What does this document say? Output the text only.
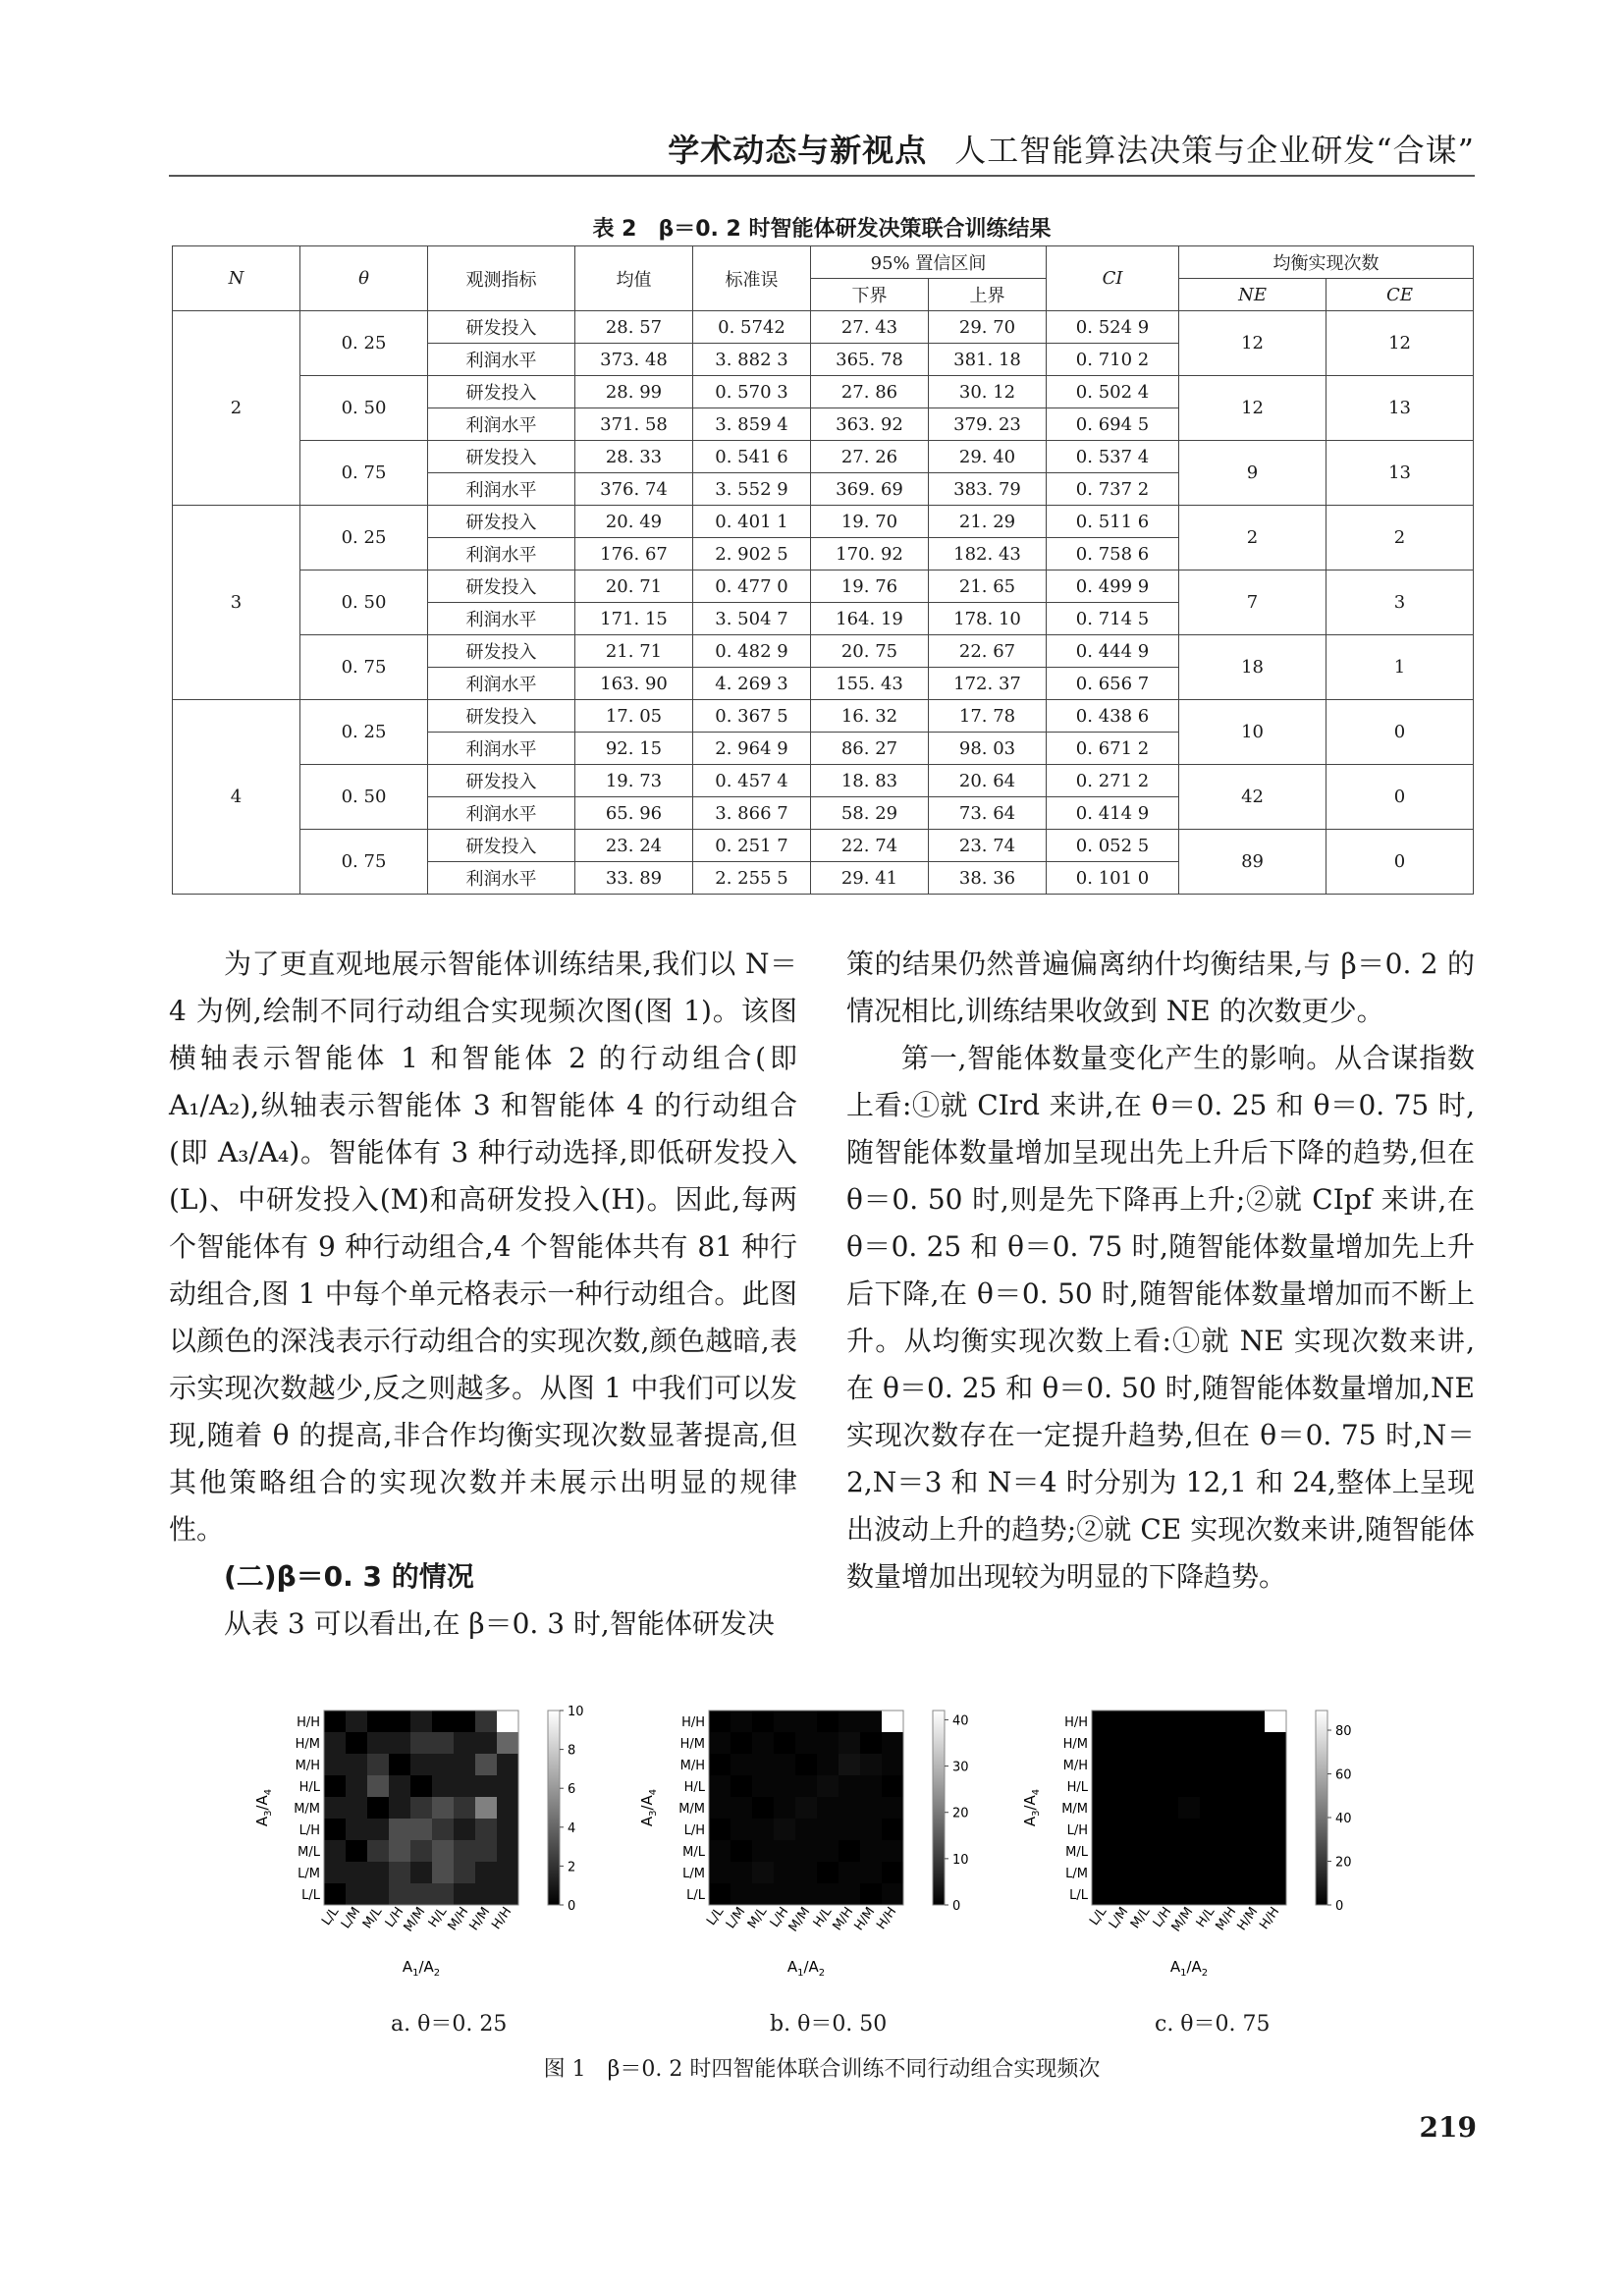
学术动态与新视点 人工智能算法决策与企业研发“合谋”
表 2　β＝0. 2 时智能体研发决策联合训练结果
N	θ	观测指标	均值	标准误	95% 置信区间		CI	均衡实现次数	
					下界	上界		NE	CE
2	0. 25	研发投入	28. 57	0. 5742	27. 43	29. 70	0. 524 9	12	12
		利润水平	373. 48	3. 882 3	365. 78	381. 18	0. 710 2		
	0. 50	研发投入	28. 99	0. 570 3	27. 86	30. 12	0. 502 4	12	13
		利润水平	371. 58	3. 859 4	363. 92	379. 23	0. 694 5		
	0. 75	研发投入	28. 33	0. 541 6	27. 26	29. 40	0. 537 4	9	13
		利润水平	376. 74	3. 552 9	369. 69	383. 79	0. 737 2		
3	0. 25	研发投入	20. 49	0. 401 1	19. 70	21. 29	0. 511 6	2	2
		利润水平	176. 67	2. 902 5	170. 92	182. 43	0. 758 6		
	0. 50	研发投入	20. 71	0. 477 0	19. 76	21. 65	0. 499 9	7	3
		利润水平	171. 15	3. 504 7	164. 19	178. 10	0. 714 5		
	0. 75	研发投入	21. 71	0. 482 9	20. 75	22. 67	0. 444 9	18	1
		利润水平	163. 90	4. 269 3	155. 43	172. 37	0. 656 7		
4	0. 25	研发投入	17. 05	0. 367 5	16. 32	17. 78	0. 438 6	10	0
		利润水平	92. 15	2. 964 9	86. 27	98. 03	0. 671 2		
	0. 50	研发投入	19. 73	0. 457 4	18. 83	20. 64	0. 271 2	42	0
		利润水平	65. 96	3. 866 7	58. 29	73. 64	0. 414 9		
	0. 75	研发投入	23. 24	0. 251 7	22. 74	23. 74	0. 052 5	89	0
		利润水平	33. 89	2. 255 5	29. 41	38. 36	0. 101 0		

为了更直观地展示智能体训练结果,我们以 N＝4 为例,绘制不同行动组合实现频次图(图 1)。该图横轴表示智能体 1 和智能体 2 的行动组合(即 A₁/A₂),纵轴表示智能体 3 和智能体 4 的行动组合(即 A₃/A₄)。智能体有 3 种行动选择,即低研发投入(L)、中研发投入(M)和高研发投入(H)。因此,每两个智能体有 9 种行动组合,4 个智能体共有 81 种行动组合,图 1 中每个单元格表示一种行动组合。此图以颜色的深浅表示行动组合的实现次数,颜色越暗,表示实现次数越少,反之则越多。从图 1 中我们可以发现,随着 θ 的提高,非合作均衡实现次数显著提高,但其他策略组合的实现次数并未展示出明显的规律性。

(二)β＝0. 3 的情况

从表 3 可以看出,在 β＝0. 3 时,智能体研发决

策的结果仍然普遍偏离纳什均衡结果,与 β＝0. 2 的情况相比,训练结果收敛到 NE 的次数更少。

第一,智能体数量变化产生的影响。从合谋指数上看:①就 CIrd 来讲,在 θ＝0. 25 和 θ＝0. 75 时,随智能体数量增加呈现出先上升后下降的趋势,但在 θ＝0. 50 时,则是先下降再上升;②就 CIpf 来讲,在 θ＝0. 25 和 θ＝0. 75 时,随智能体数量增加先上升后下降,在 θ＝0. 50 时,随智能体数量增加而不断上升。从均衡实现次数上看:①就 NE 实现次数来讲,在 θ＝0. 25 和 θ＝0. 50 时,随智能体数量增加,NE 实现次数存在一定提升趋势,但在 θ＝0. 75 时,N＝2,N＝3 和 N＝4 时分别为 12,1 和 24,整体上呈现出波动上升的趋势;②就 CE 实现次数来讲,随智能体数量增加出现较为明显的下降趋势。

H/H
H/M
M/H
H/L
M/M
L/H
M/L
L/M
L/L
L/L
L/M
M/L
L/H
M/M
H/L
M/H
H/M
H/H
$A_1/A_2$
$A_3/A_4$
0
2
4
6
8
10
H/H
H/M
M/H
H/L
M/M
L/H
M/L
L/M
L/L
L/L
L/M
M/L
L/H
M/M
H/L
M/H
H/M
H/H
$A_1/A_2$
$A_3/A_4$
0
10
20
30
40	H/H
H/M
M/H
H/L
M/M
L/H
M/L
L/M
L/L
L/L
L/M
M/L
L/H
M/M
H/L
M/H
H/M
H/H
$A_1/A_2$
$A_3/A_4$
0
20
40
60
80
a. θ＝0. 25	b. θ＝0. 50	c. θ＝0. 75
图 1　β＝0. 2 时四智能体联合训练不同行动组合实现频次
219
